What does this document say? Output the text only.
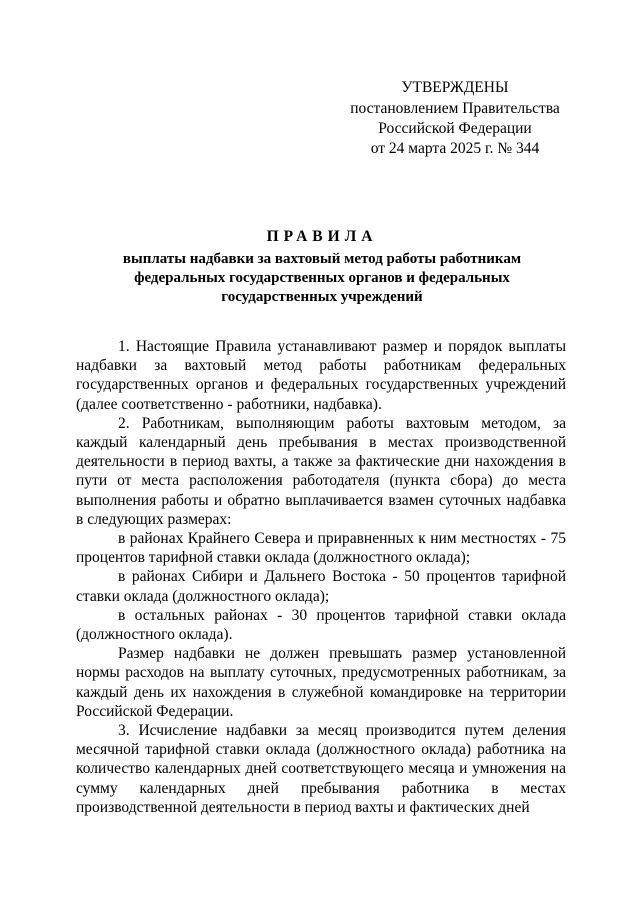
УТВЕРЖДЕНЫ
постановлением Правительства
Российской Федерации
от 24 марта 2025 г. № 344
ПРАВИЛА
выплаты надбавки за вахтовый метод работы работникам
федеральных государственных органов и федеральных
государственных учреждений

1. Настоящие Правила устанавливают размер и порядок выплаты надбавки за вахтовый метод работы работникам федеральных государственных органов и федеральных государственных учреждений (далее соответственно - работники, надбавка).

2. Работникам, выполняющим работы вахтовым методом, за каждый календарный день пребывания в местах производственной деятельности в период вахты, а также за фактические дни нахождения в пути от места расположения работодателя (пункта сбора) до места выполнения работы и обратно выплачивается взамен суточных надбавка в следующих размерах:

в районах Крайнего Севера и приравненных к ним местностях - 75 процентов тарифной ставки оклада (должностного оклада);

в районах Сибири и Дальнего Востока - 50 процентов тарифной ставки оклада (должностного оклада);

в остальных районах - 30 процентов тарифной ставки оклада (должностного оклада).

Размер надбавки не должен превышать размер установленной нормы расходов на выплату суточных, предусмотренных работникам, за каждый день их нахождения в служебной командировке на территории Российской Федерации.

3. Исчисление надбавки за месяц производится путем деления месячной тарифной ставки оклада (должностного оклада) работника на количество календарных дней соответствующего месяца и умножения на сумму календарных дней пребывания работника в местах производственной деятельности в период вахты и фактических дней
